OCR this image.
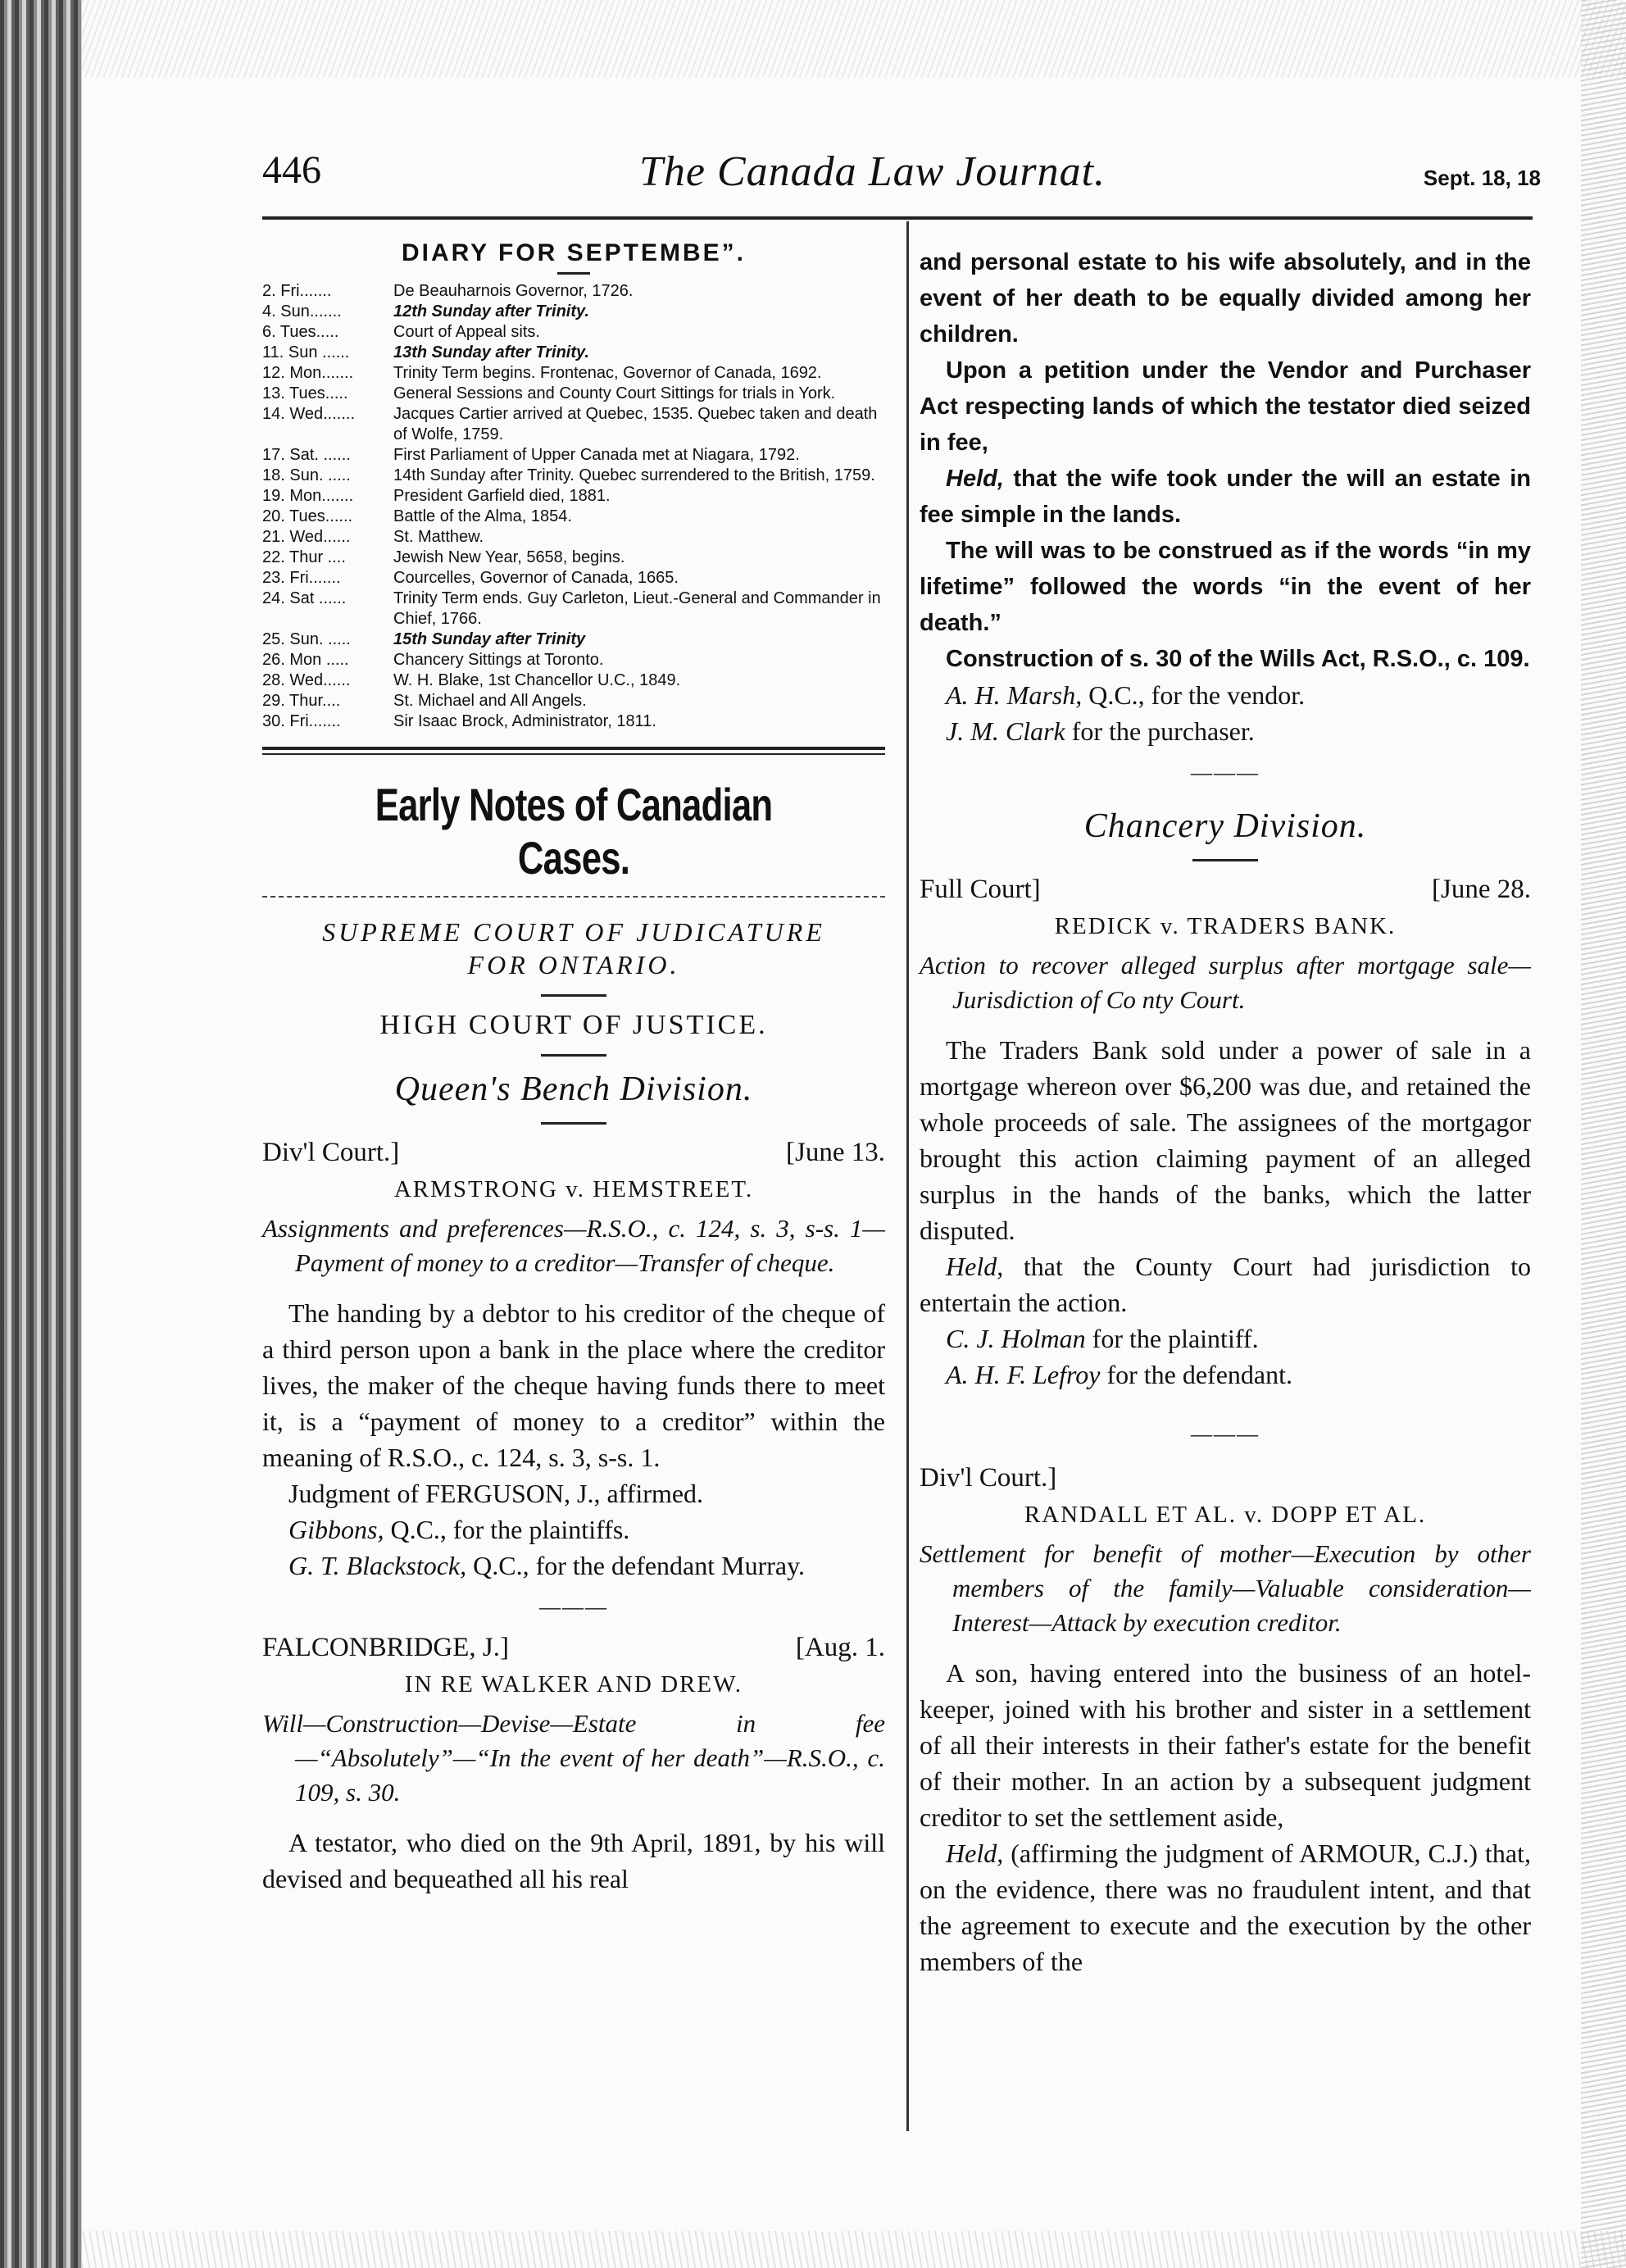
446	The Canada Law Journat.	Sept. 18, 18
DIARY FOR SEPTEMBE”.
2. Fri.......	De Beauharnois Governor, 1726.
4. Sun.......	12th Sunday after Trinity.
6. Tues.....	Court of Appeal sits.
11. Sun ......	13th Sunday after Trinity.
12. Mon.......	Trinity Term begins. Frontenac, Governor of Canada, 1692.
13. Tues.....	General Sessions and County Court Sittings for trials in York.
14. Wed.......	Jacques Cartier arrived at Quebec, 1535. Quebec taken and death of Wolfe, 1759.
17. Sat. ......	First Parliament of Upper Canada met at Niagara, 1792.
18. Sun. .....	14th Sunday after Trinity. Quebec surrendered to the British, 1759.
19. Mon.......	President Garfield died, 1881.
20. Tues......	Battle of the Alma, 1854.
21. Wed......	St. Matthew.
22. Thur ....	Jewish New Year, 5658, begins.
23. Fri.......	Courcelles, Governor of Canada, 1665.
24. Sat ......	Trinity Term ends. Guy Carleton, Lieut.-General and Commander in Chief, 1766.
25. Sun. .....	15th Sunday after Trinity
26. Mon .....	Chancery Sittings at Toronto.
28. Wed......	W. H. Blake, 1st Chancellor U.C., 1849.
29. Thur....	St. Michael and All Angels.
30. Fri.......	Sir Isaac Brock, Administrator, 1811.
Early Notes of Canadian Cases.
SUPREME COURT OF JUDICATURE
FOR ONTARIO.
HIGH COURT OF JUSTICE.
Queen's Bench Division.
Div'l Court.]	[June 13.
ARMSTRONG v. HEMSTREET.
Assignments and preferences—R.S.O., c. 124, s. 3, s-s. 1—Payment of money to a creditor—Transfer of cheque.

The handing by a debtor to his creditor of the cheque of a third person upon a bank in the place where the creditor lives, the maker of the cheque having funds there to meet it, is a “payment of money to a creditor” within the meaning of R.S.O., c. 124, s. 3, s-s. 1.

Judgment of FERGUSON, J., affirmed.
Gibbons, Q.C., for the plaintiffs.
G. T. Blackstock, Q.C., for the defendant Murray.
———
FALCONBRIDGE, J.]	[Aug. 1.
IN RE WALKER AND DREW.
Will—Construction—Devise—Estate in fee—“Absolutely”—“In the event of her death”—R.S.O., c. 109, s. 30.

A testator, who died on the 9th April, 1891, by his will devised and bequeathed all his real

and personal estate to his wife absolutely, and in the event of her death to be equally divided among her children.

Upon a petition under the Vendor and Purchaser Act respecting lands of which the testator died seized in fee,

Held, that the wife took under the will an estate in fee simple in the lands.

The will was to be construed as if the words “in my lifetime” followed the words “in the event of her death.”

Construction of s. 30 of the Wills Act, R.S.O., c. 109.

A. H. Marsh, Q.C., for the vendor.
J. M. Clark for the purchaser.
———
Chancery Division.
Full Court]	[June 28.
REDICK v. TRADERS BANK.
Action to recover alleged surplus after mortgage sale—Jurisdiction of Co nty Court.

The Traders Bank sold under a power of sale in a mortgage whereon over $6,200 was due, and retained the whole proceeds of sale. The assignees of the mortgagor brought this action claiming payment of an alleged surplus in the hands of the banks, which the latter disputed.

Held, that the County Court had jurisdiction to entertain the action.

C. J. Holman for the plaintiff.
A. H. F. Lefroy for the defendant.
———
Div'l Court.]
RANDALL ET AL. v. DOPP ET AL.
Settlement for benefit of mother—Execution by other members of the family—Valuable consideration—Interest—Attack by execution creditor.

A son, having entered into the business of an hotel-keeper, joined with his brother and sister in a settlement of all their interests in their father's estate for the benefit of their mother. In an action by a subsequent judgment creditor to set the settlement aside,

Held, (affirming the judgment of ARMOUR, C.J.) that, on the evidence, there was no fraudulent intent, and that the agreement to execute and the execution by the other members of the
